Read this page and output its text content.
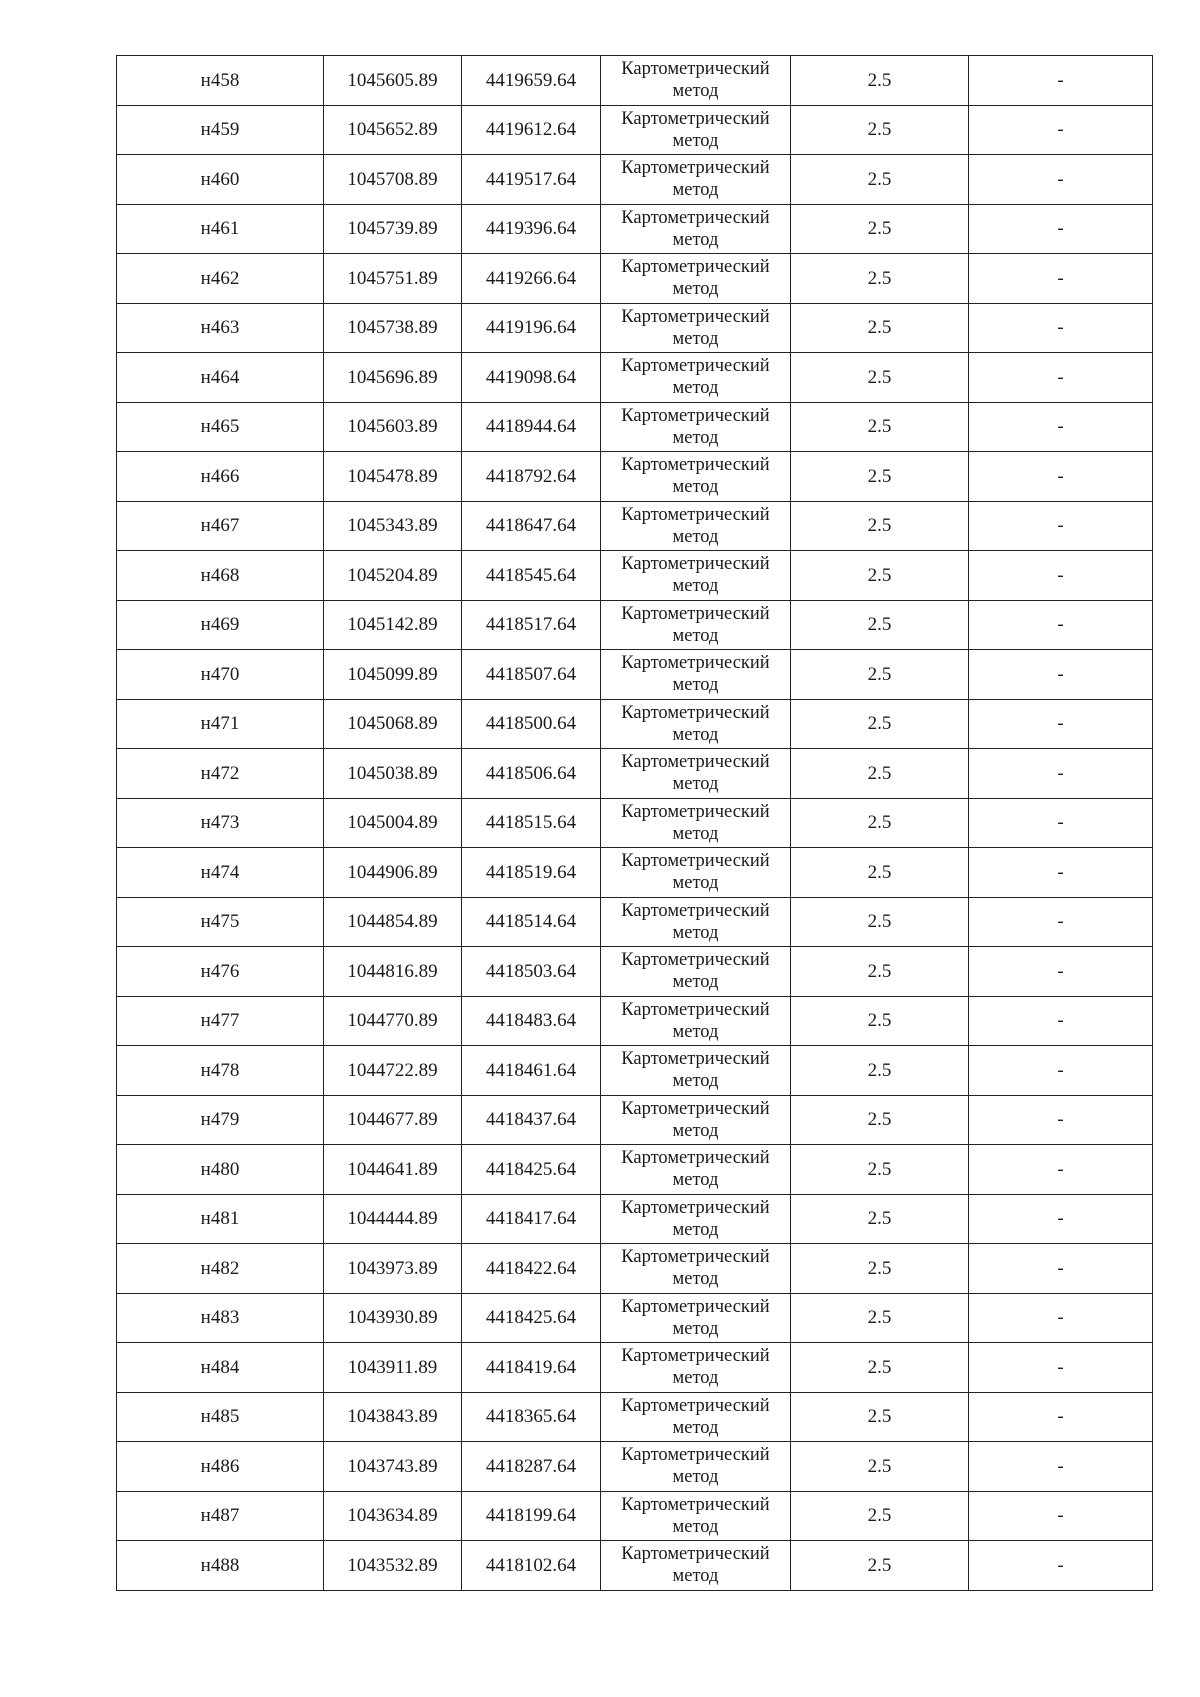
н458	1045605.89	4419659.64	Картометрический метод	2.5	-
н459	1045652.89	4419612.64	Картометрический метод	2.5	-
н460	1045708.89	4419517.64	Картометрический метод	2.5	-
н461	1045739.89	4419396.64	Картометрический метод	2.5	-
н462	1045751.89	4419266.64	Картометрический метод	2.5	-
н463	1045738.89	4419196.64	Картометрический метод	2.5	-
н464	1045696.89	4419098.64	Картометрический метод	2.5	-
н465	1045603.89	4418944.64	Картометрический метод	2.5	-
н466	1045478.89	4418792.64	Картометрический метод	2.5	-
н467	1045343.89	4418647.64	Картометрический метод	2.5	-
н468	1045204.89	4418545.64	Картометрический метод	2.5	-
н469	1045142.89	4418517.64	Картометрический метод	2.5	-
н470	1045099.89	4418507.64	Картометрический метод	2.5	-
н471	1045068.89	4418500.64	Картометрический метод	2.5	-
н472	1045038.89	4418506.64	Картометрический метод	2.5	-
н473	1045004.89	4418515.64	Картометрический метод	2.5	-
н474	1044906.89	4418519.64	Картометрический метод	2.5	-
н475	1044854.89	4418514.64	Картометрический метод	2.5	-
н476	1044816.89	4418503.64	Картометрический метод	2.5	-
н477	1044770.89	4418483.64	Картометрический метод	2.5	-
н478	1044722.89	4418461.64	Картометрический метод	2.5	-
н479	1044677.89	4418437.64	Картометрический метод	2.5	-
н480	1044641.89	4418425.64	Картометрический метод	2.5	-
н481	1044444.89	4418417.64	Картометрический метод	2.5	-
н482	1043973.89	4418422.64	Картометрический метод	2.5	-
н483	1043930.89	4418425.64	Картометрический метод	2.5	-
н484	1043911.89	4418419.64	Картометрический метод	2.5	-
н485	1043843.89	4418365.64	Картометрический метод	2.5	-
н486	1043743.89	4418287.64	Картометрический метод	2.5	-
н487	1043634.89	4418199.64	Картометрический метод	2.5	-
н488	1043532.89	4418102.64	Картометрический метод	2.5	-
